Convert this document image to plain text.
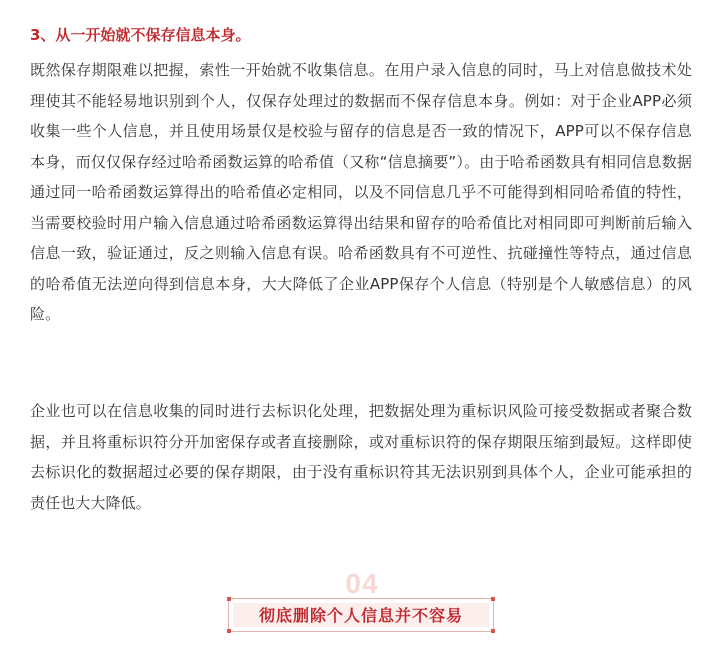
3、从一开始就不保存信息本身。
既然保存期限难以把握，索性一开始就不收集信息。在用户录入信息的同时，马上对信息做技术处理使其不能轻易地识别到个人，仅保存处理过的数据而不保存信息本身。例如：对于企业APP必须收集一些个人信息，并且使用场景仅是校验与留存的信息是否一致的情况下，APP可以不保存信息本身，而仅仅保存经过哈希函数运算的哈希值（又称“信息摘要”）。由于哈希函数具有相同信息数据通过同一哈希函数运算得出的哈希值必定相同，以及不同信息几乎不可能得到相同哈希值的特性，当需要校验时用户输入信息通过哈希函数运算得出结果和留存的哈希值比对相同即可判断前后输入信息一致，验证通过，反之则输入信息有误。哈希函数具有不可逆性、抗碰撞性等特点，通过信息的哈希值无法逆向得到信息本身，大大降低了企业APP保存个人信息（特别是个人敏感信息）的风险。
企业也可以在信息收集的同时进行去标识化处理，把数据处理为重标识风险可接受数据或者聚合数据，并且将重标识符分开加密保存或者直接删除，或对重标识符的保存期限压缩到最短。这样即使去标识化的数据超过必要的保存期限，由于没有重标识符其无法识别到具体个人，企业可能承担的责任也大大降低。
04
彻底删除个人信息并不容易
